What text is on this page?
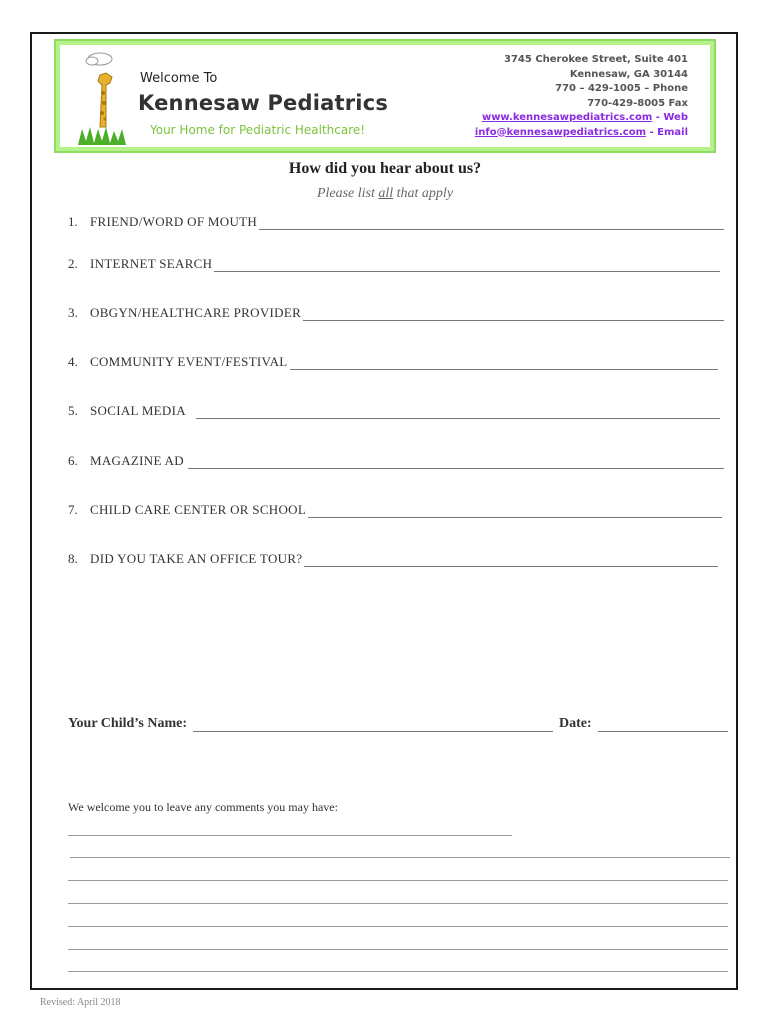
Welcome To
Kennesaw Pediatrics
Your Home for Pediatric Healthcare!
3745 Cherokee Street, Suite 401
Kennesaw, GA 30144
770 – 429-1005 – Phone
770-429-8005 Fax
www.kennesawpediatrics.com - Web
info@kennesawpediatrics.com - Email
How did you hear about us?
Please list all that apply
1. FRIEND/WORD OF MOUTH
2. INTERNET SEARCH
3. OBGYN/HEALTHCARE PROVIDER
4. COMMUNITY EVENT/FESTIVAL
5. SOCIAL MEDIA
6. MAGAZINE AD
7. CHILD CARE CENTER OR SCHOOL
8. DID YOU TAKE AN OFFICE TOUR?
Your Child’s Name:	Date:
We welcome you to leave any comments you may have:
Revised: April 2018
